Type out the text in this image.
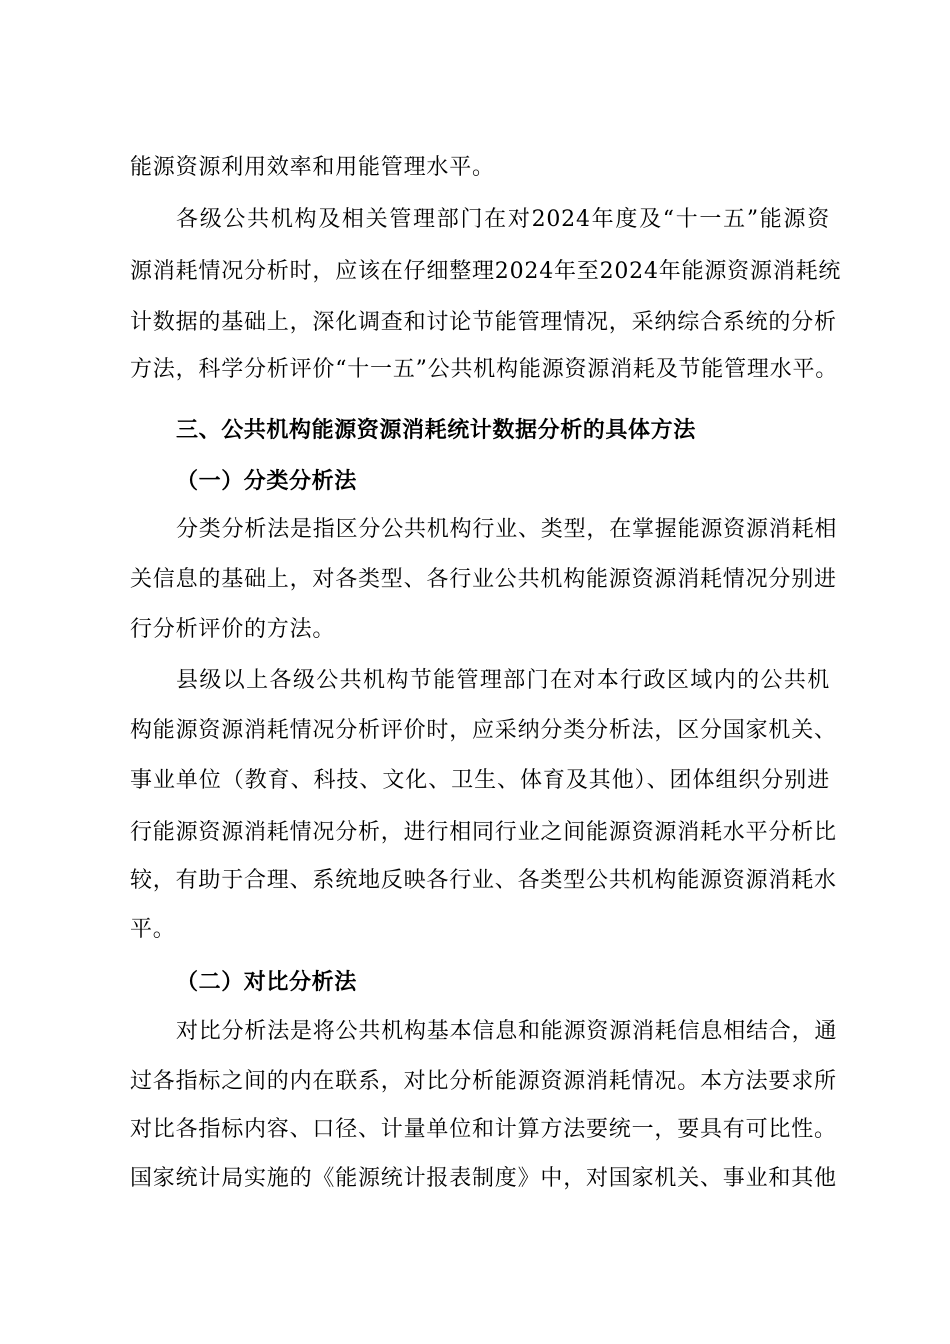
能源资源利用效率和用能管理水平。
各级公共机构及相关管理部门在对2024年度及“十一五”能源资
源消耗情况分析时，应该在仔细整理2024年至2024年能源资源消耗统
计数据的基础上，深化调查和讨论节能管理情况，采纳综合系统的分析
方法，科学分析评价“十一五”公共机构能源资源消耗及节能管理水平。
三、公共机构能源资源消耗统计数据分析的具体方法
（一）分类分析法
分类分析法是指区分公共机构行业、类型，在掌握能源资源消耗相
关信息的基础上，对各类型、各行业公共机构能源资源消耗情况分别进
行分析评价的方法。
县级以上各级公共机构节能管理部门在对本行政区域内的公共机
构能源资源消耗情况分析评价时，应采纳分类分析法，区分国家机关、
事业单位（教育、科技、文化、卫生、体育及其他）、团体组织分别进
行能源资源消耗情况分析，进行相同行业之间能源资源消耗水平分析比
较，有助于合理、系统地反映各行业、各类型公共机构能源资源消耗水
平。
（二）对比分析法
对比分析法是将公共机构基本信息和能源资源消耗信息相结合，通
过各指标之间的内在联系，对比分析能源资源消耗情况。本方法要求所
对比各指标内容、口径、计量单位和计算方法要统一，要具有可比性。
国家统计局实施的《能源统计报表制度》中，对国家机关、事业和其他
